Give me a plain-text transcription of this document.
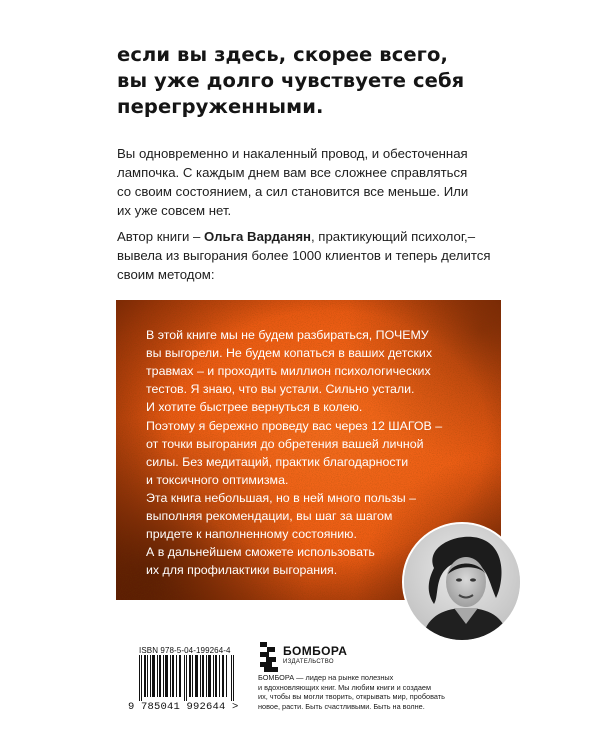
если вы здесь, скорее всего,
вы уже долго чувствуете себя
перегруженными.
Вы одновременно и накаленный провод, и обесточенная
лампочка. С каждым днем вам все сложнее справляться
со своим состоянием, а сил становится все меньше. Или
их уже совсем нет.
Автор книги – Ольга Варданян, практикующий психолог,–
вывела из выгорания более 1000 клиентов и теперь делится
своим методом:
В этой книге мы не будем разбираться, ПОЧЕМУ
вы выгорели. Не будем копаться в ваших детских
травмах – и проходить миллион психологических
тестов. Я знаю, что вы устали. Сильно устали.
И хотите быстрее вернуться в колею.
Поэтому я бережно проведу вас через 12 ШАГОВ –
от точки выгорания до обретения вашей личной
силы. Без медитаций, практик благодарности
и токсичного оптимизма.
Эта книга небольшая, но в ней много пользы –
выполняя рекомендации, вы шаг за шагом
придете к наполненному состоянию.
А в дальнейшем сможете использовать
их для профилактики выгорания.
ISBN 978-5-04-199264-4
9 785041 992644 >
БОМБОРА
ИЗДАТЕЛЬСТВО
БОМБОРА — лидер на рынке полезных
и вдохновляющих книг. Мы любим книги и создаем
их, чтобы вы могли творить, открывать мир, пробовать
новое, расти. Быть счастливыми. Быть на волне.
